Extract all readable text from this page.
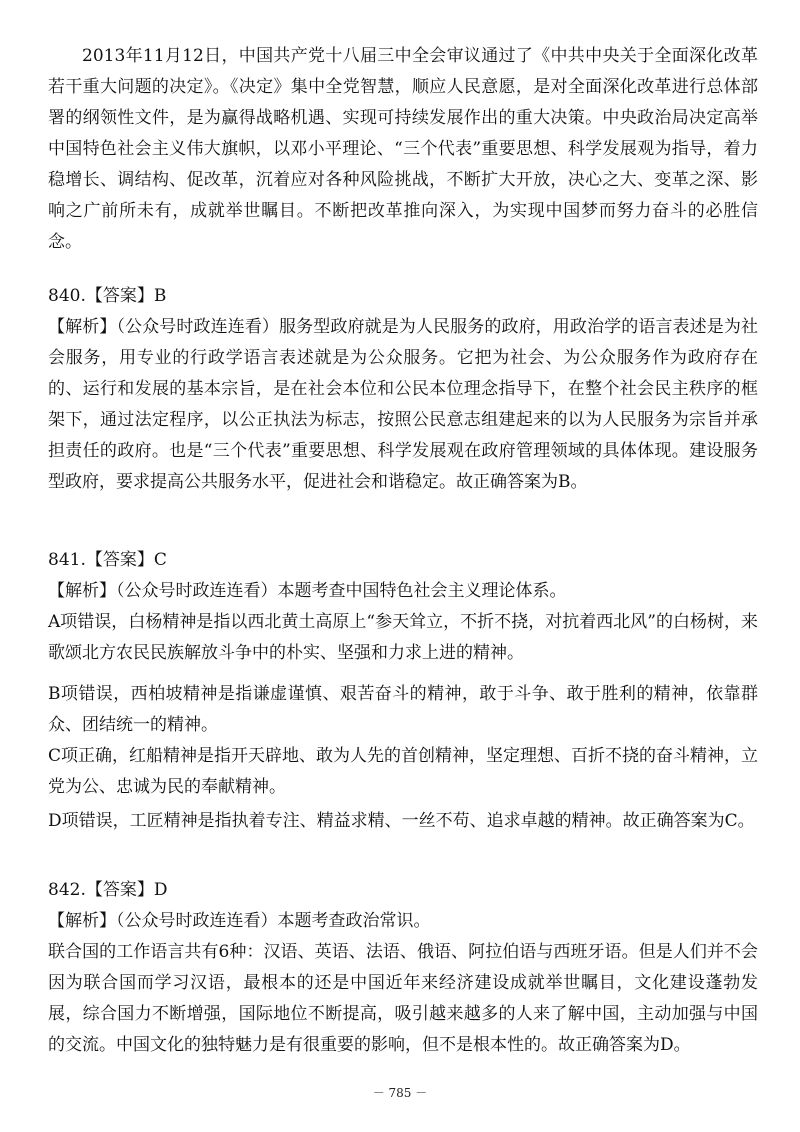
2013年11月12日，中国共产党十八届三中全会审议通过了《中共中央关于全面深化改革若干重大问题的决定》。《决定》集中全党智慧，顺应人民意愿，是对全面深化改革进行总体部署的纲领性文件，是为赢得战略机遇、实现可持续发展作出的重大决策。中央政治局决定高举中国特色社会主义伟大旗帜，以邓小平理论、“三个代表”重要思想、科学发展观为指导，着力稳增长、调结构、促改革，沉着应对各种风险挑战，不断扩大开放，决心之大、变革之深、影响之广前所未有，成就举世瞩目。不断把改革推向深入，为实现中国梦而努力奋斗的必胜信念。

840.【答案】B

【解析】（公众号时政连连看）服务型政府就是为人民服务的政府，用政治学的语言表述是为社会服务，用专业的行政学语言表述就是为公众服务。它把为社会、为公众服务作为政府存在的、运行和发展的基本宗旨，是在社会本位和公民本位理念指导下，在整个社会民主秩序的框架下，通过法定程序，以公正执法为标志，按照公民意志组建起来的以为人民服务为宗旨并承担责任的政府。也是“三个代表”重要思想、科学发展观在政府管理领域的具体体现。建设服务型政府，要求提高公共服务水平，促进社会和谐稳定。故正确答案为B。

841.【答案】C

【解析】（公众号时政连连看）本题考查中国特色社会主义理论体系。

A项错误，白杨精神是指以西北黄土高原上“参天耸立，不折不挠，对抗着西北风”的白杨树，来歌颂北方农民民族解放斗争中的朴实、坚强和力求上进的精神。

B项错误，西柏坡精神是指谦虚谨慎、艰苦奋斗的精神，敢于斗争、敢于胜利的精神，依靠群众、团结统一的精神。

C项正确，红船精神是指开天辟地、敢为人先的首创精神，坚定理想、百折不挠的奋斗精神，立党为公、忠诚为民的奉献精神。

D项错误，工匠精神是指执着专注、精益求精、一丝不苟、追求卓越的精神。故正确答案为C。

842.【答案】D

【解析】（公众号时政连连看）本题考查政治常识。

联合国的工作语言共有6种：汉语、英语、法语、俄语、阿拉伯语与西班牙语。但是人们并不会因为联合国而学习汉语，最根本的还是中国近年来经济建设成就举世瞩目，文化建设蓬勃发展，综合国力不断增强，国际地位不断提高，吸引越来越多的人来了解中国，主动加强与中国的交流。中国文化的独特魅力是有很重要的影响，但不是根本性的。故正确答案为D。

－ 785 －
